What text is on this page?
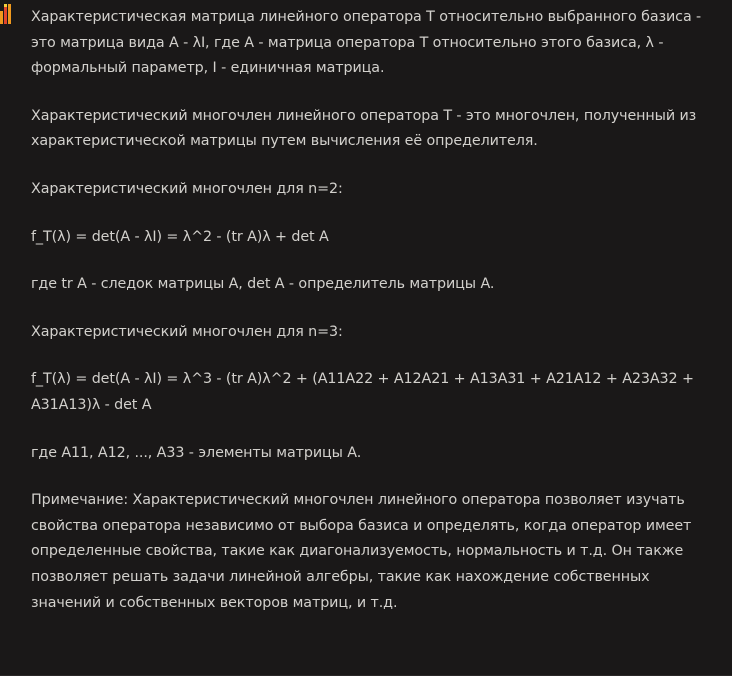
Характеристическая матрица линейного оператора T относительно выбранного базиса - это матрица вида A - λI, где A - матрица оператора T относительно этого базиса, λ - формальный параметр, I - единичная матрица.

Характеристический многочлен линейного оператора T - это многочлен, полученный из характеристической матрицы путем вычисления её определителя.

Характеристический многочлен для n=2:

f_T(λ) = det(A - λI) = λ^2 - (tr A)λ + det A

где tr A - следок матрицы A, det A - определитель матрицы A.

Характеристический многочлен для n=3:

f_T(λ) = det(A - λI) = λ^3 - (tr A)λ^2 + (A11A22 + A12A21 + A13A31 + A21A12 + A23A32 + A31A13)λ - det A

где A11, A12, ..., A33 - элементы матрицы A.

Примечание: Характеристический многочлен линейного оператора позволяет изучать свойства оператора независимо от выбора базиса и определять, когда оператор имеет определенные свойства, такие как диагонализуемость, нормальность и т.д. Он также позволяет решать задачи линейной алгебры, такие как нахождение собственных значений и собственных векторов матриц, и т.д.
